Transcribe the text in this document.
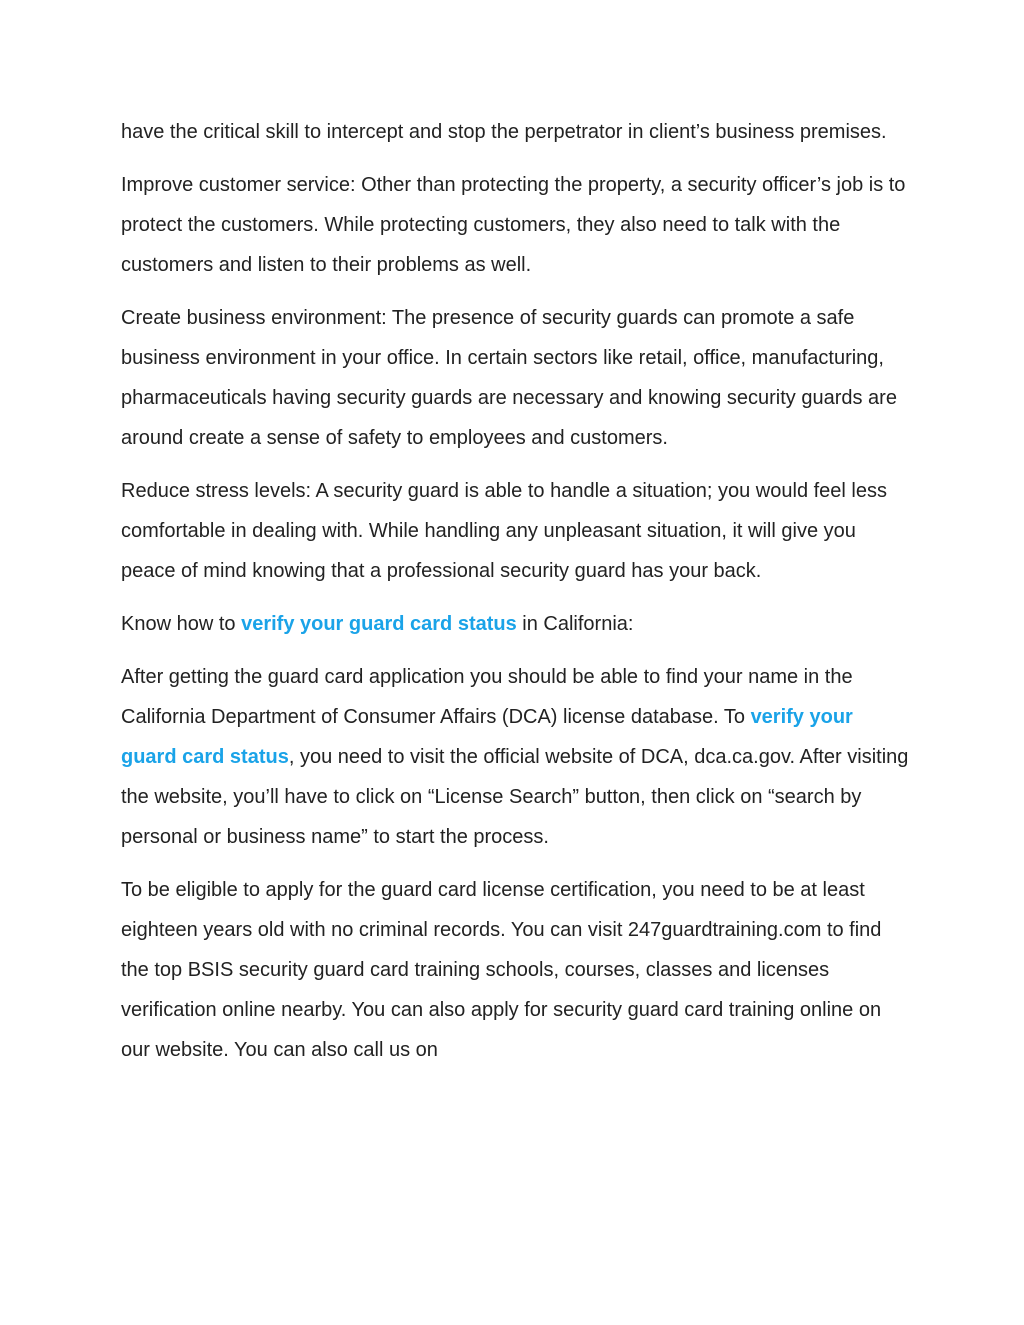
have the critical skill to intercept and stop the perpetrator in client’s business premises.

Improve customer service: Other than protecting the property, a security officer’s job is to protect the customers. While protecting customers, they also need to talk with the customers and listen to their problems as well.

Create business environment: The presence of security guards can promote a safe business environment in your office. In certain sectors like retail, office, manufacturing, pharmaceuticals having security guards are necessary and knowing security guards are around create a sense of safety to employees and customers.

Reduce stress levels: A security guard is able to handle a situation; you would feel less comfortable in dealing with. While handling any unpleasant situation, it will give you peace of mind knowing that a professional security guard has your back.

Know how to verify your guard card status in California:

After getting the guard card application you should be able to find your name in the California Department of Consumer Affairs (DCA) license database. To verify your guard card status, you need to visit the official website of DCA, dca.ca.gov. After visiting the website, you’ll have to click on “License Search” button, then click on “search by personal or business name” to start the process.

To be eligible to apply for the guard card license certification, you need to be at least eighteen years old with no criminal records. You can visit 247guardtraining.com to find the top BSIS security guard card training schools, courses, classes and licenses verification online nearby. You can also apply for security guard card training online on our website. You can also call us on
